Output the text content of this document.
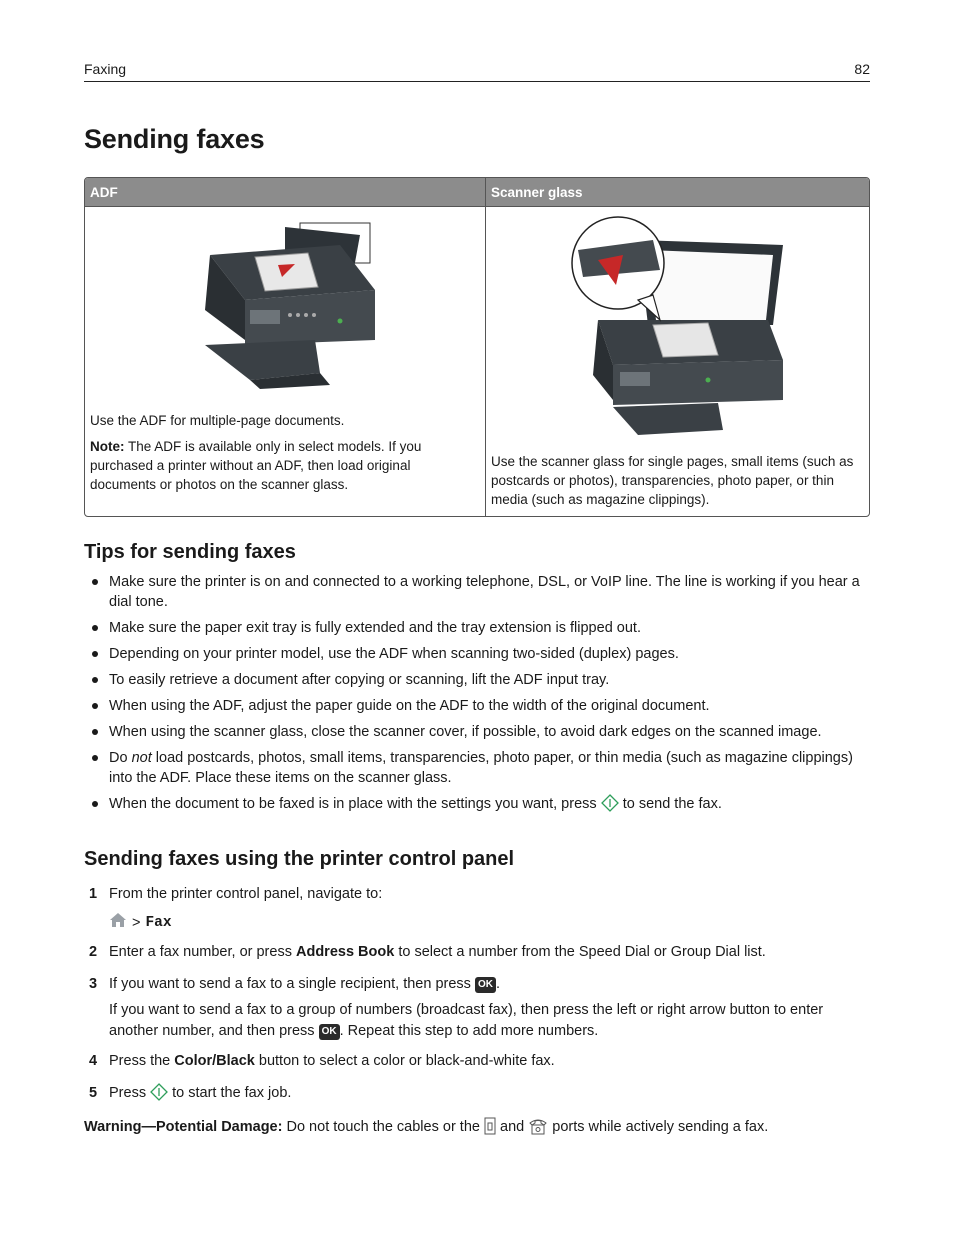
Faxing	82
Sending faxes
ADF	Scanner glass

Use the ADF for multiple-page documents.

Note: The ADF is available only in select models. If you purchased a printer without an ADF, then load original documents or photos on the scanner glass.	Use the scanner glass for single pages, small items (such as postcards or photos), transparencies, photo paper, or thin media (such as magazine clippings).

Tips for sending faxes
Make sure the printer is on and connected to a working telephone, DSL, or VoIP line. The line is working if you hear a dial tone.
Make sure the paper exit tray is fully extended and the tray extension is flipped out.
Depending on your printer model, use the ADF when scanning two-sided (duplex) pages.
To easily retrieve a document after copying or scanning, lift the ADF input tray.
When using the ADF, adjust the paper guide on the ADF to the width of the original document.
When using the scanner glass, close the scanner cover, if possible, to avoid dark edges on the scanned image.
Do not load postcards, photos, small items, transparencies, photo paper, or thin media (such as magazine clippings) into the ADF. Place these items on the scanner glass.
When the document to be faxed is in place with the settings you want, press  to send the fax.
Sending faxes using the printer control panel
1 From the printer control panel, navigate to:
> Fax
2 Enter a fax number, or press Address Book to select a number from the Speed Dial or Group Dial list.
3 If you want to send a fax to a single recipient, then press OK .
If you want to send a fax to a group of numbers (broadcast fax), then press the left or right arrow button to enter another number, and then press OK . Repeat this step to add more numbers.
4 Press the Color/Black button to select a color or black-and-white fax.
5 Press  to start the fax job.
Warning—Potential Damage: Do not touch the cables or the  and  ports while actively sending a fax.
